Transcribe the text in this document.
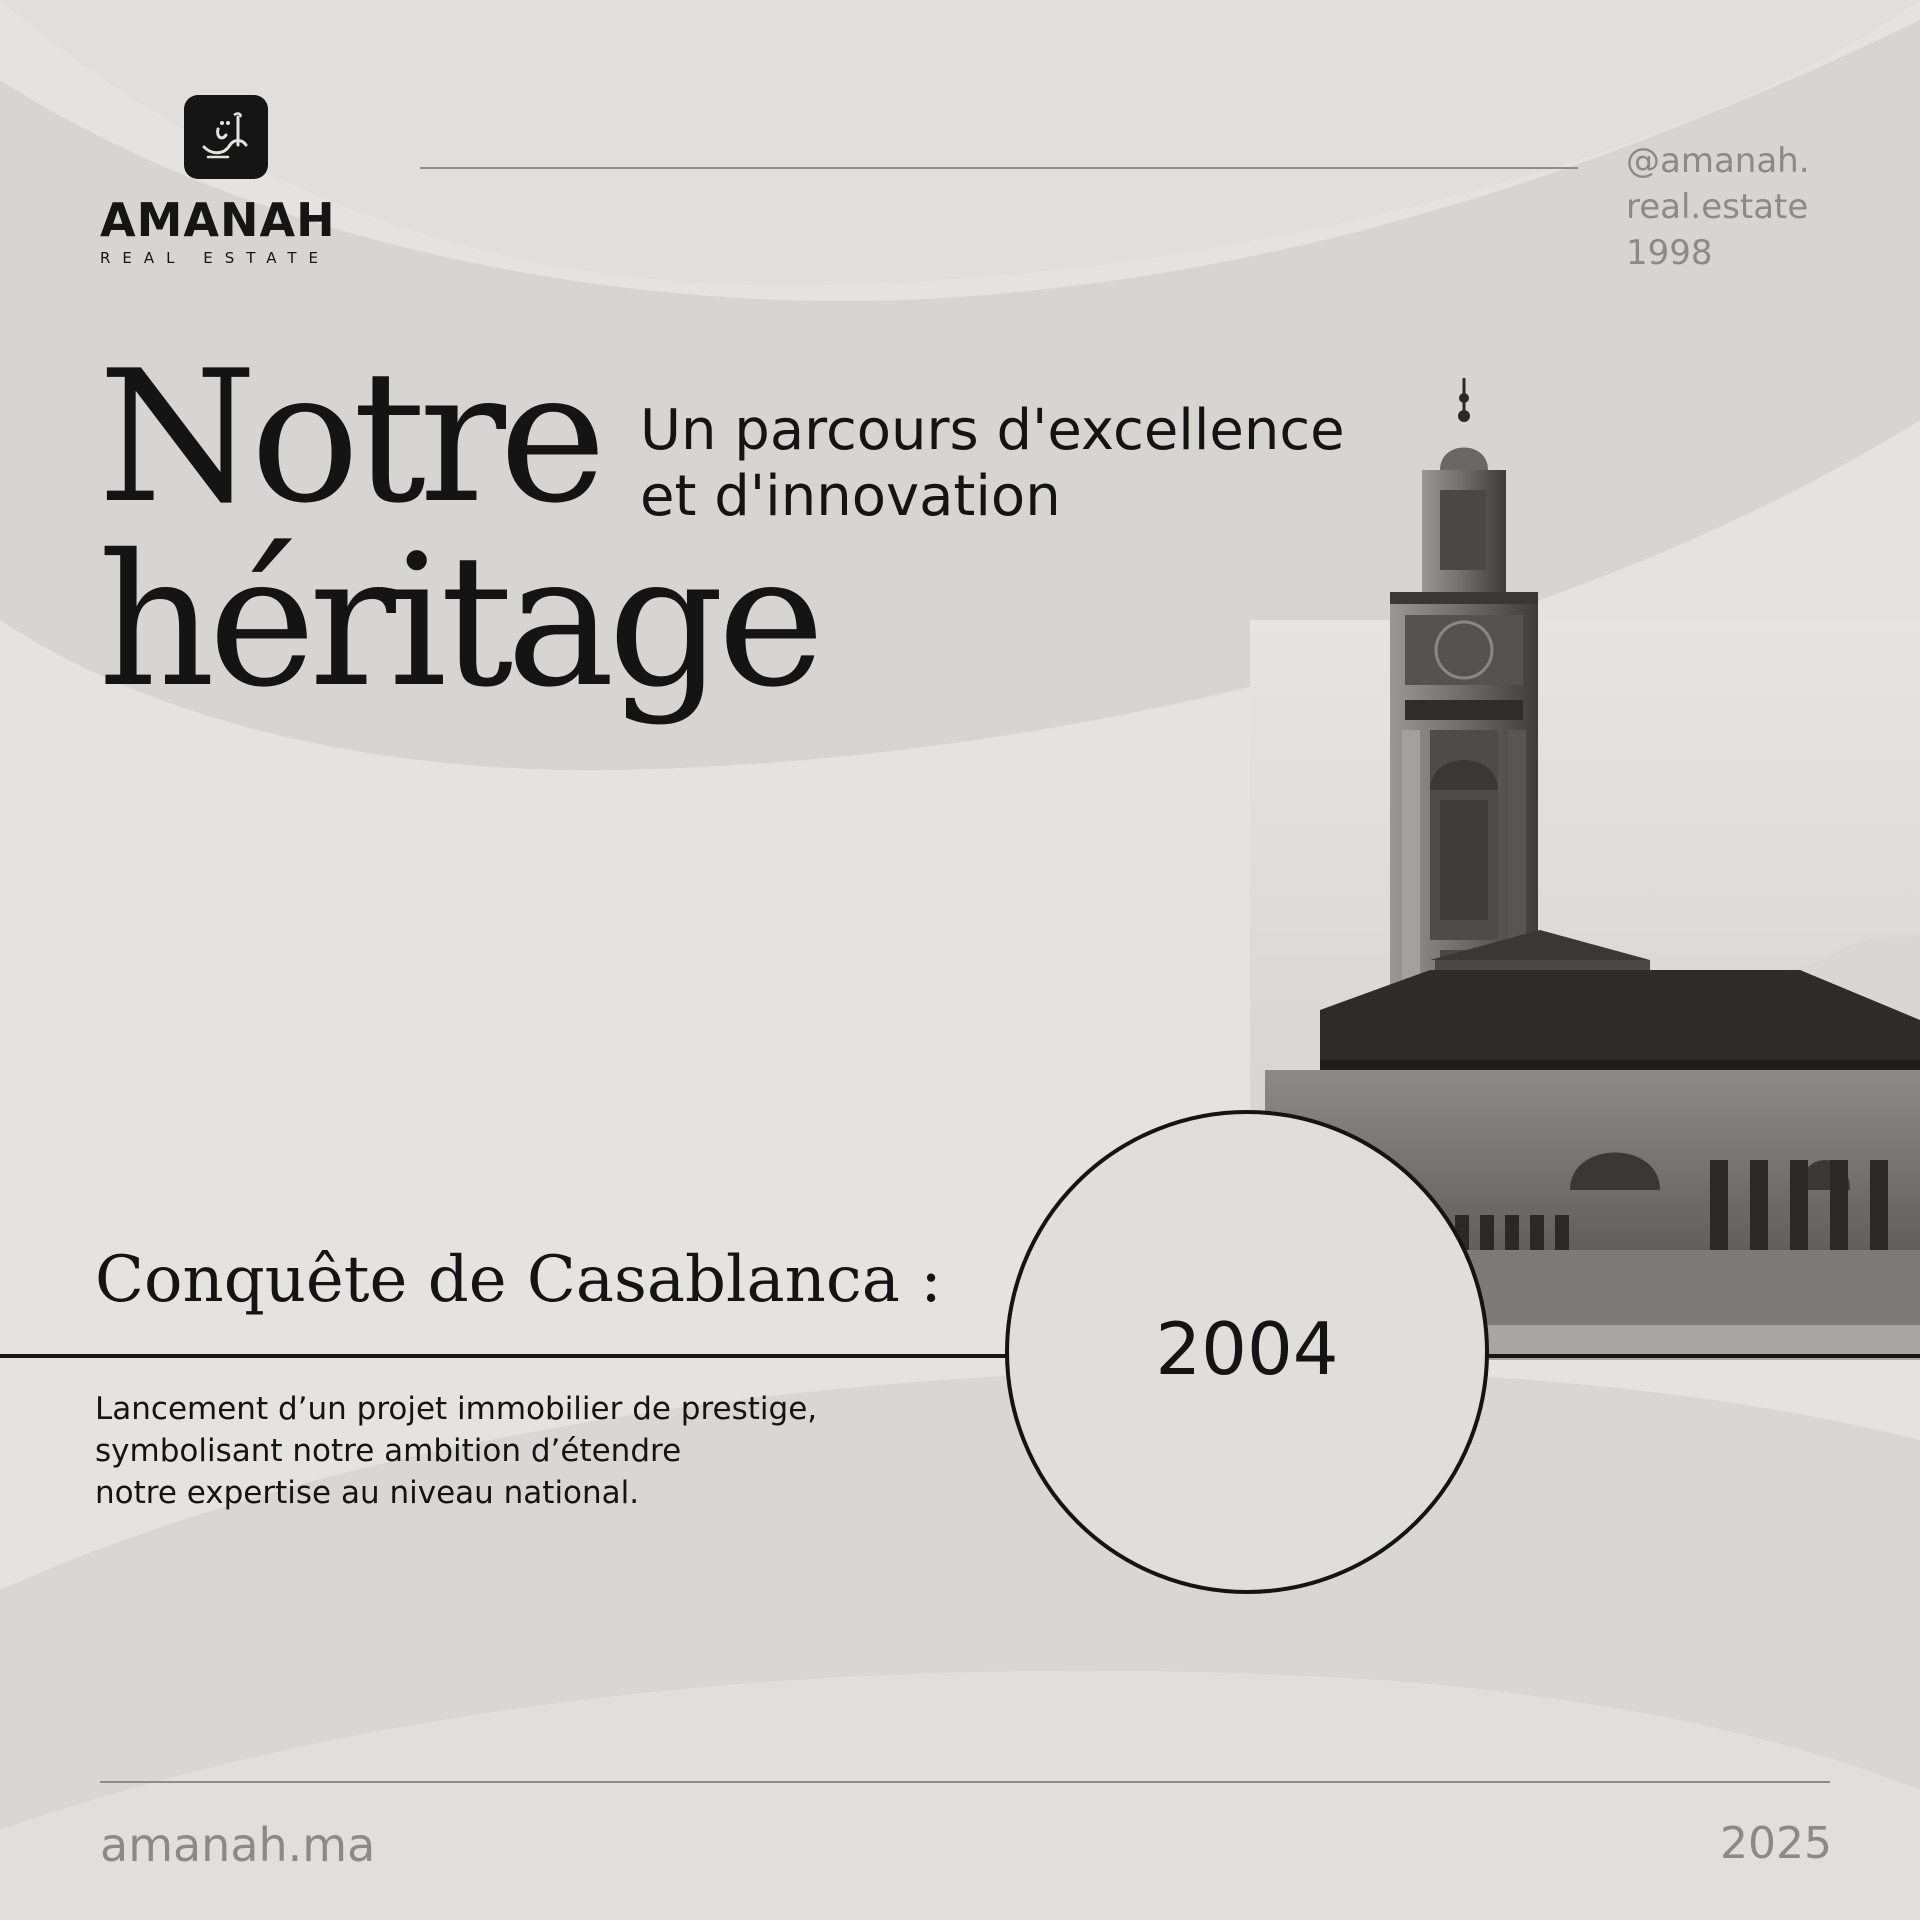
AMANAH
REAL ESTATE
@amanah.
real.estate
1998
Notre
héritage
Un parcours d'excellence
et d'innovation
Conquête de Casablanca :
2004
Lancement d’un projet immobilier de prestige,
symbolisant notre ambition d’étendre
notre expertise au niveau national.
amanah.ma	2025
